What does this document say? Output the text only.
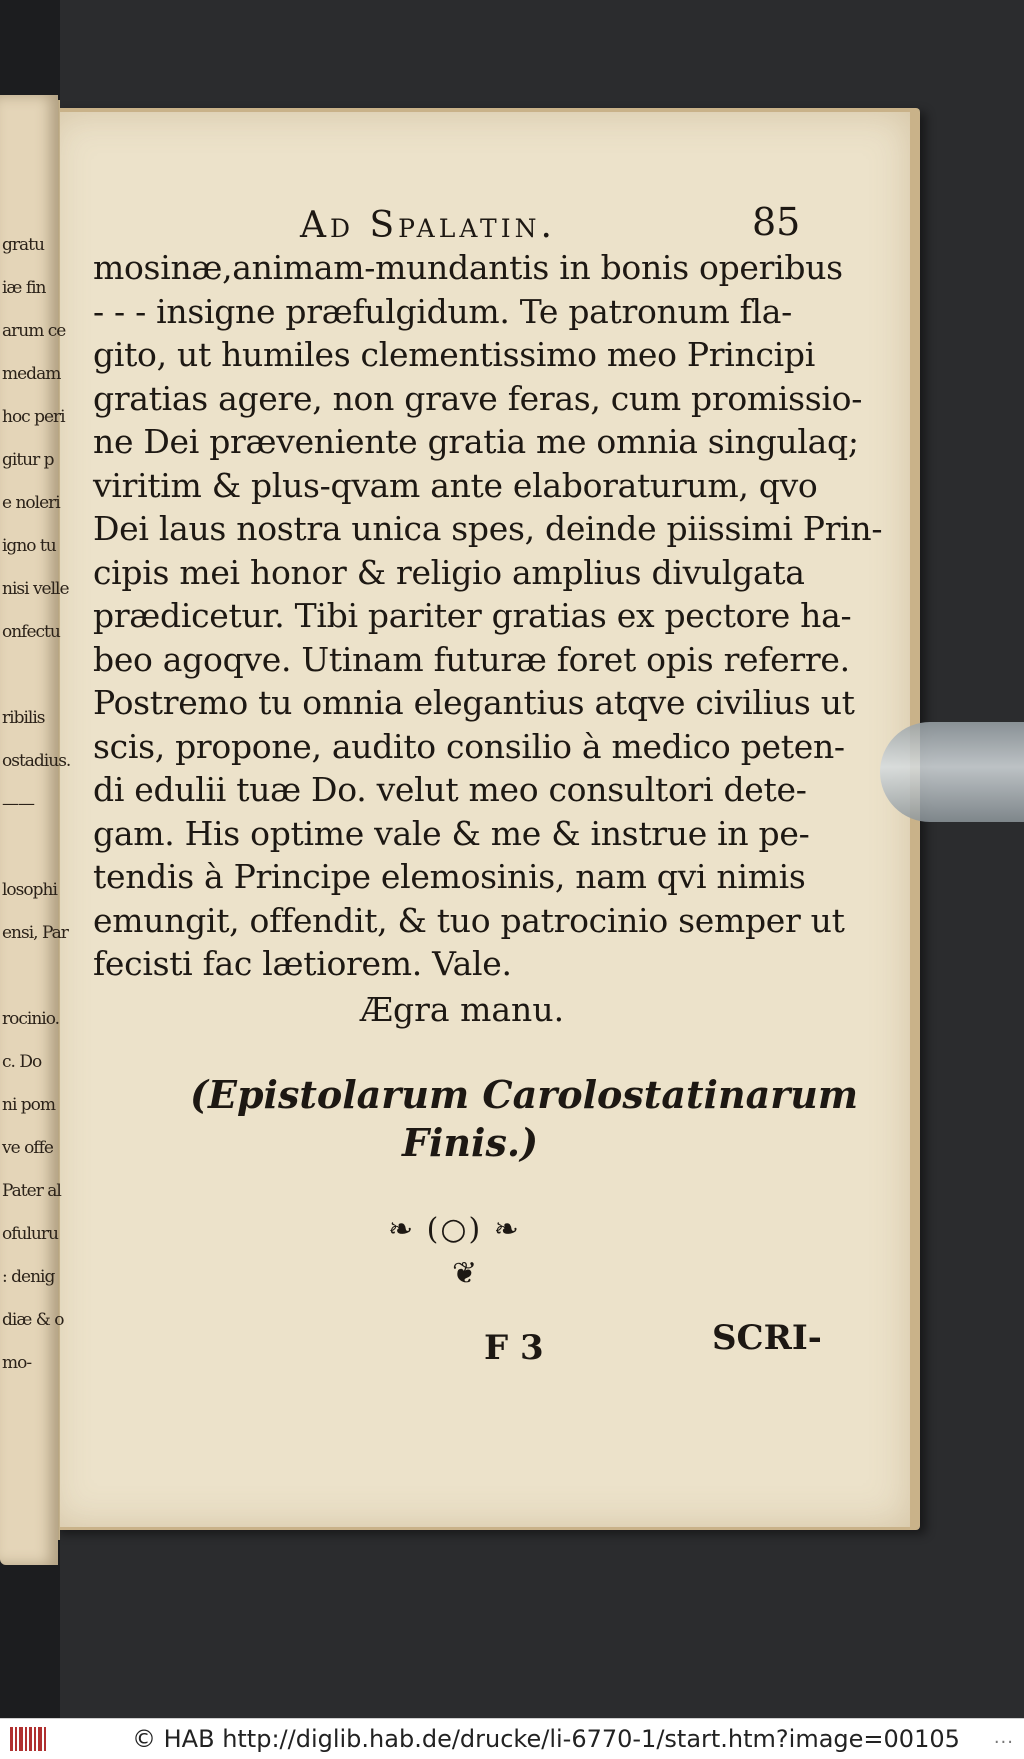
gratu
iæ fin
arum ce
medam
hoc peri
gitur p
e noleri
igno tu
nisi velle
onfectu
ribilis
ostadius.
——
losophi
ensi, Par
rocinio.
c. Do
ni pom
ve offe
Pater al
ofuluru
: denig
diæ & o
mo-
Ad Spalatin.	85
mosinæ,animam-mundantis in bonis operibus
- - - insigne præfulgidum. Te patronum fla-
gito, ut humiles clementissimo meo Principi
gratias agere, non grave feras, cum promissio-
ne Dei præveniente gratia me omnia singulaq;
viritim & plus-qvam ante elaboraturum, qvo
Dei laus nostra unica spes, deinde piissimi Prin-
cipis mei honor & religio amplius divulgata
prædicetur. Tibi pariter gratias ex pectore ha-
beo agoqve. Utinam futuræ foret opis referre.
Postremo tu omnia elegantius atqve civilius ut
scis, propone, audito consilio à medico peten-
di edulii tuæ Do. velut meo consultori dete-
gam. His optime vale & me & instrue in pe-
tendis à Principe elemosinis, nam qvi nimis
emungit, offendit, & tuo patrocinio semper ut
fecisti fac lætiorem. Vale.
Ægra manu.
(Epistolarum Carolostatinarum
Finis.)
❧ (○) ❧
❦
F 3	SCRI-
© HAB http://diglib.hab.de/drucke/li-6770-1/start.htm?image=00105 ...
